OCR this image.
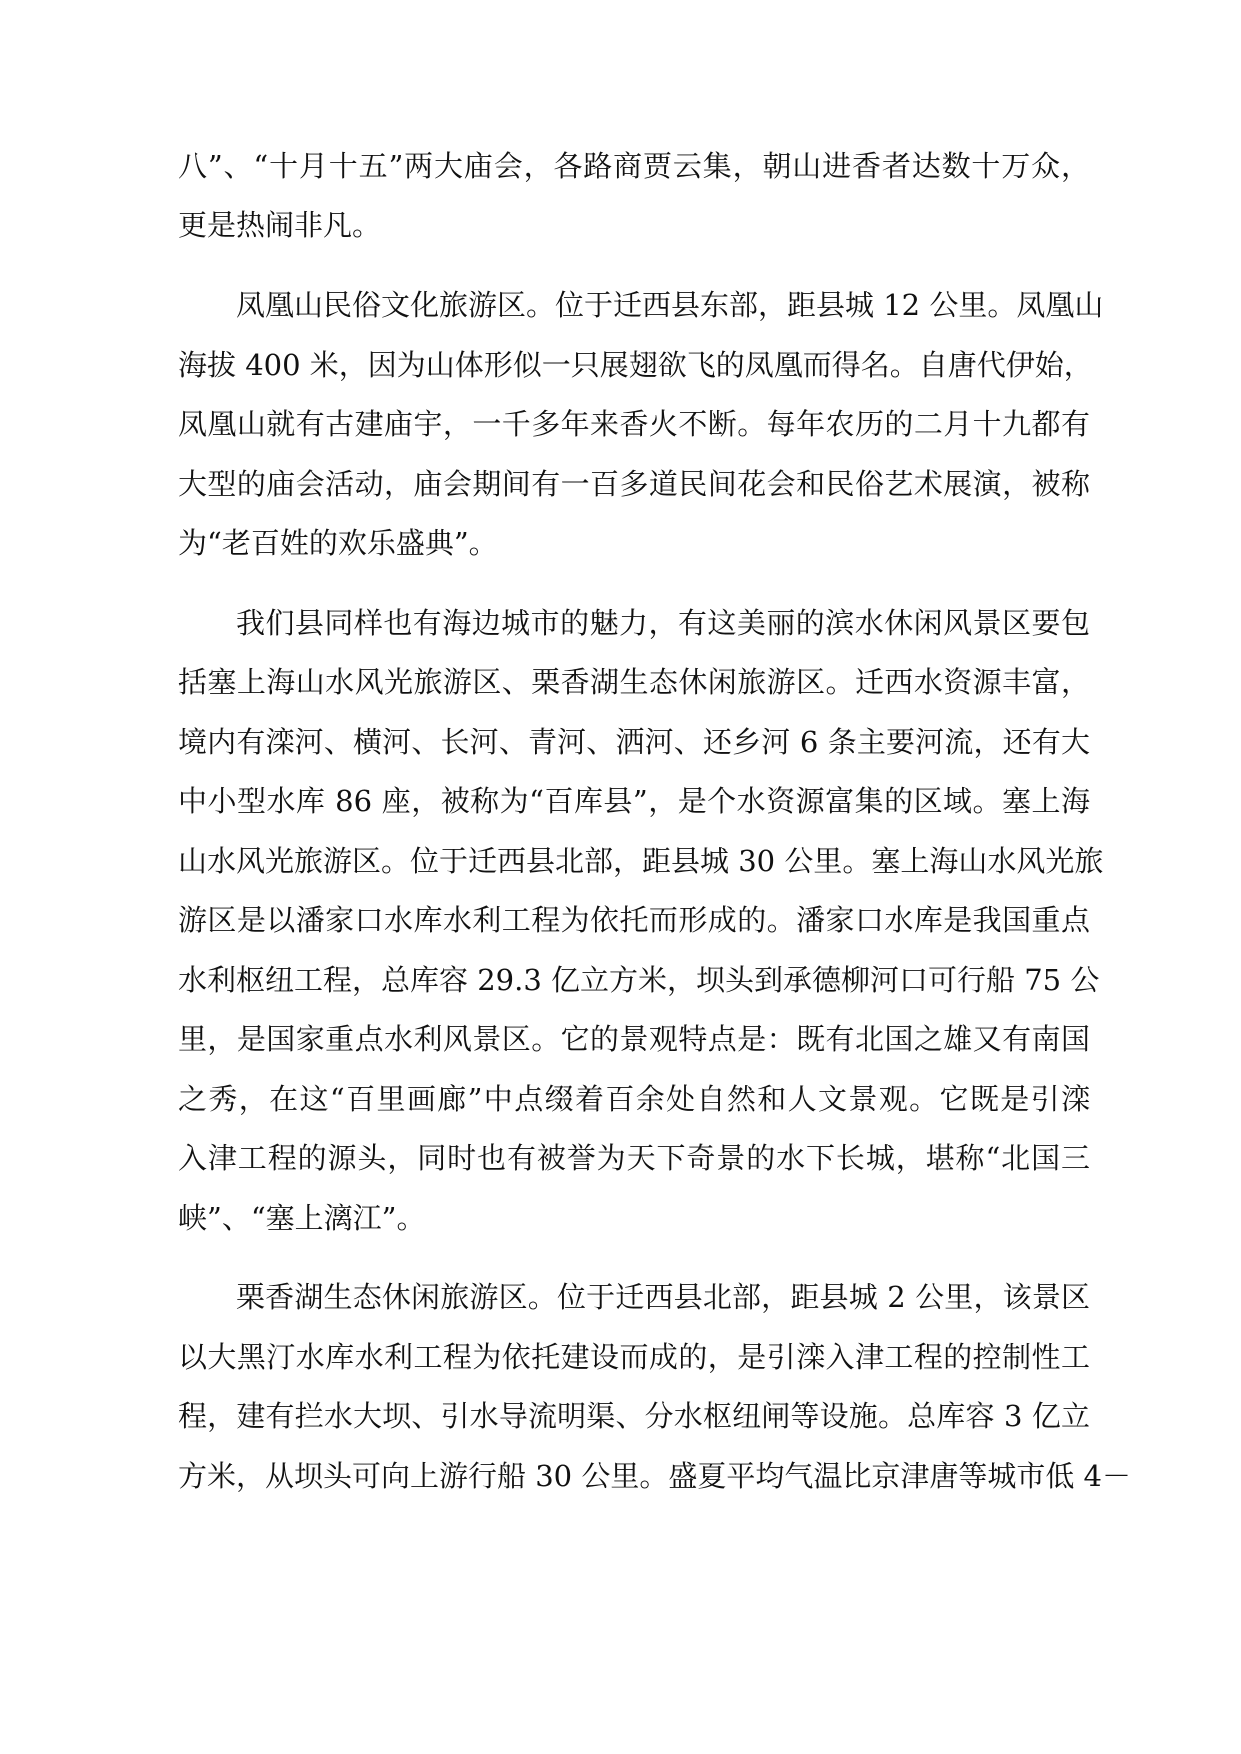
八”、“十月十五”两大庙会，各路商贾云集，朝山进香者达数十万众，
更是热闹非凡。
凤凰山民俗文化旅游区。位于迁西县东部，距县城 12 公里。凤凰山
海拔 400 米，因为山体形似一只展翅欲飞的凤凰而得名。自唐代伊始，
凤凰山就有古建庙宇，一千多年来香火不断。每年农历的二月十九都有
大型的庙会活动，庙会期间有一百多道民间花会和民俗艺术展演，被称
为“老百姓的欢乐盛典”。
我们县同样也有海边城市的魅力，有这美丽的滨水休闲风景区要包
括塞上海山水风光旅游区、栗香湖生态休闲旅游区。迁西水资源丰富，
境内有滦河、横河、长河、青河、洒河、还乡河 6 条主要河流，还有大
中小型水库 86 座，被称为“百库县”，是个水资源富集的区域。塞上海
山水风光旅游区。位于迁西县北部，距县城 30 公里。塞上海山水风光旅
游区是以潘家口水库水利工程为依托而形成的。潘家口水库是我国重点
水利枢纽工程，总库容 29.3 亿立方米，坝头到承德柳河口可行船 75 公
里，是国家重点水利风景区。它的景观特点是：既有北国之雄又有南国
之秀，在这“百里画廊”中点缀着百余处自然和人文景观。它既是引滦
入津工程的源头，同时也有被誉为天下奇景的水下长城，堪称“北国三
峡”、“塞上漓江”。
栗香湖生态休闲旅游区。位于迁西县北部，距县城 2 公里，该景区
以大黑汀水库水利工程为依托建设而成的，是引滦入津工程的控制性工
程，建有拦水大坝、引水导流明渠、分水枢纽闸等设施。总库容 3 亿立
方米，从坝头可向上游行船 30 公里。盛夏平均气温比京津唐等城市低 4－
